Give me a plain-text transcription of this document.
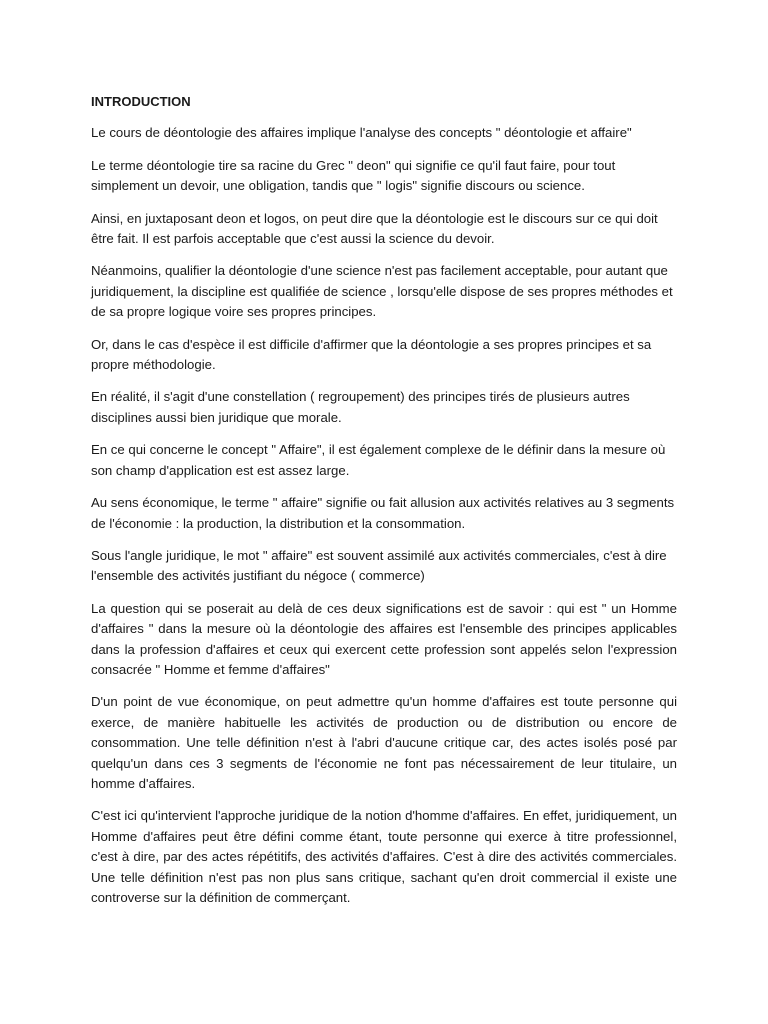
INTRODUCTION

Le cours de déontologie des affaires implique l'analyse des concepts " déontologie et affaire"

Le terme déontologie tire sa racine du Grec " deon" qui signifie ce qu'il faut faire, pour tout simplement un devoir, une obligation, tandis que " logis" signifie discours ou science.

Ainsi, en juxtaposant deon et logos, on peut dire que la déontologie est le discours sur ce qui doit être fait. Il est parfois acceptable que c'est aussi la science du devoir.

Néanmoins, qualifier la déontologie d'une science n'est pas facilement acceptable, pour autant que juridiquement, la discipline est qualifiée de science , lorsqu'elle dispose de ses propres méthodes et de sa propre logique voire ses propres principes.

Or, dans le cas d'espèce il est difficile d'affirmer que la déontologie a ses propres principes et sa propre méthodologie.

En réalité, il s'agit d'une constellation ( regroupement) des principes tirés de plusieurs autres disciplines aussi bien juridique que morale.

En ce qui concerne le concept " Affaire", il est également complexe de le définir dans la mesure où son champ d'application est est assez large.

Au sens économique, le terme " affaire" signifie ou fait allusion aux activités relatives au 3 segments de l'économie : la production, la distribution et la consommation.

Sous l'angle juridique, le mot " affaire" est souvent assimilé aux activités commerciales, c'est à dire l'ensemble des activités justifiant du négoce ( commerce)

La question qui se poserait au delà de ces deux significations est de savoir : qui est " un Homme d'affaires " dans la mesure où la déontologie des affaires est l'ensemble des principes applicables dans la profession d'affaires et ceux qui exercent cette profession sont appelés selon l'expression consacrée " Homme et femme d'affaires"

D'un point de vue économique, on peut admettre qu'un homme d'affaires est toute personne qui exerce, de manière habituelle les activités de production ou de distribution ou encore de consommation. Une telle définition n'est à l'abri d'aucune critique car, des actes isolés posé par quelqu'un dans ces 3 segments de l'économie ne font pas nécessairement de leur titulaire, un homme d'affaires.

C'est ici qu'intervient l'approche juridique de la notion d'homme d'affaires. En effet, juridiquement, un Homme d'affaires peut être défini comme étant, toute personne qui exerce à titre professionnel, c'est à dire, par des actes répétitifs, des activités d'affaires. C'est à dire des activités commerciales. Une telle définition n'est pas non plus sans critique, sachant qu'en droit commercial il existe une controverse sur la définition de commerçant.
